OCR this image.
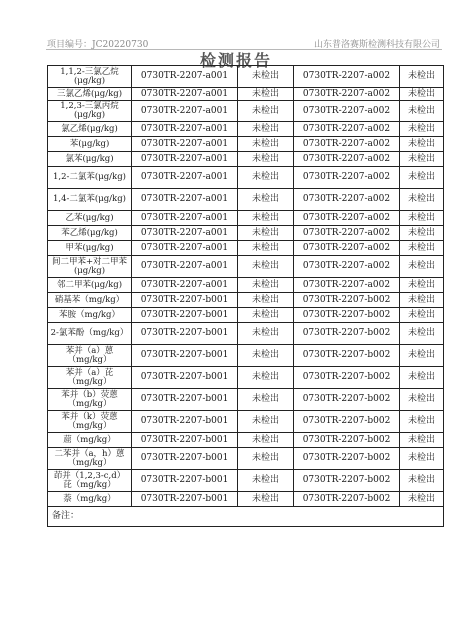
项目编号：JC20220730	山东普洛赛斯检测科技有限公司
检测报告
1,1,2-三氯乙烷(μg/kg)	0730TR-2207-a001	未检出	0730TR-2207-a002	未检出
三氯乙烯(μg/kg)	0730TR-2207-a001	未检出	0730TR-2207-a002	未检出
1,2,3-三氯丙烷(μg/kg)	0730TR-2207-a001	未检出	0730TR-2207-a002	未检出
氯乙烯(μg/kg)	0730TR-2207-a001	未检出	0730TR-2207-a002	未检出
苯(μg/kg)	0730TR-2207-a001	未检出	0730TR-2207-a002	未检出
氯苯(μg/kg)	0730TR-2207-a001	未检出	0730TR-2207-a002	未检出
1,2-二氯苯(μg/kg)	0730TR-2207-a001	未检出	0730TR-2207-a002	未检出
1,4-二氯苯(μg/kg)	0730TR-2207-a001	未检出	0730TR-2207-a002	未检出
乙苯(μg/kg)	0730TR-2207-a001	未检出	0730TR-2207-a002	未检出
苯乙烯(μg/kg)	0730TR-2207-a001	未检出	0730TR-2207-a002	未检出
甲苯(μg/kg)	0730TR-2207-a001	未检出	0730TR-2207-a002	未检出
间二甲苯+对二甲苯(μg/kg)	0730TR-2207-a001	未检出	0730TR-2207-a002	未检出
邻二甲苯(μg/kg)	0730TR-2207-a001	未检出	0730TR-2207-a002	未检出
硝基苯（mg/kg）	0730TR-2207-b001	未检出	0730TR-2207-b002	未检出
苯胺（mg/kg）	0730TR-2207-b001	未检出	0730TR-2207-b002	未检出
2-氯苯酚（mg/kg）	0730TR-2207-b001	未检出	0730TR-2207-b002	未检出
苯并（a）蒽（mg/kg）	0730TR-2207-b001	未检出	0730TR-2207-b002	未检出
苯并（a）芘（mg/kg）	0730TR-2207-b001	未检出	0730TR-2207-b002	未检出
苯并（b）荧蒽（mg/kg）	0730TR-2207-b001	未检出	0730TR-2207-b002	未检出
苯并（k）荧蒽（mg/kg）	0730TR-2207-b001	未检出	0730TR-2207-b002	未检出
䓛（mg/kg）	0730TR-2207-b001	未检出	0730TR-2207-b002	未检出
二苯并（a，h）蒽（mg/kg）	0730TR-2207-b001	未检出	0730TR-2207-b002	未检出
茚并（1,2,3-c,d）芘（mg/kg）	0730TR-2207-b001	未检出	0730TR-2207-b002	未检出
萘（mg/kg）	0730TR-2207-b001	未检出	0730TR-2207-b002	未检出
备注：				
